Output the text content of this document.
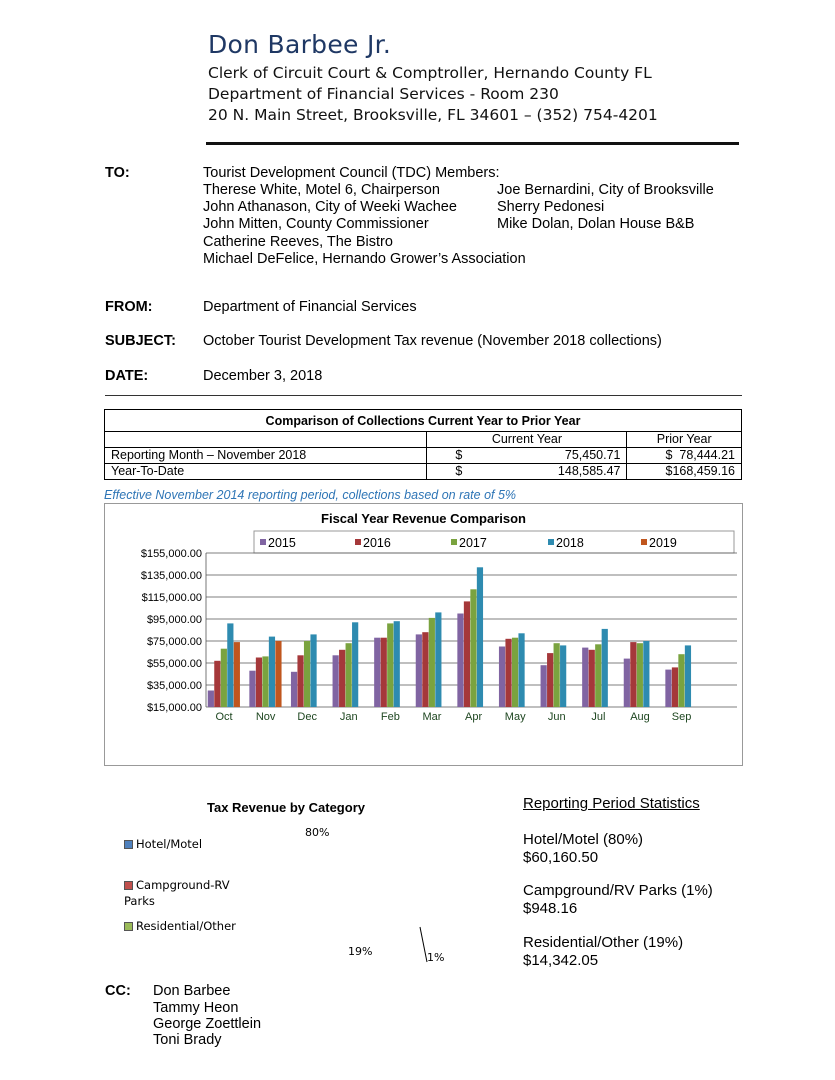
Don Barbee Jr.
Clerk of Circuit Court & Comptroller, Hernando County FL
Department of Financial Services - Room 230
20 N. Main Street, Brooksville, FL 34601 – (352) 754-4201
TO:	Tourist Development Council (TDC) Members:
Therese White, Motel 6, Chairperson
John Athanason, City of Weeki Wachee
John Mitten, County Commissioner
Catherine Reeves, The Bistro
Michael DeFelice, Hernando Grower’s Association
Joe Bernardini, City of Brooksville
Sherry Pedonesi
Mike Dolan, Dolan House B&B
FROM:	Department of Financial Services
SUBJECT: October Tourist Development Tax revenue (November 2018 collections)
DATE:	December 3, 2018
Comparison of Collections Current Year to Prior Year		
	Current Year	Prior Year
Reporting Month – November 2018	$ 75,450.71	$ 78,444.21

Year-To-Date	$ 148,585.47	$ 168,459.16
Effective November 2014 reporting period, collections based on rate of 5%
Fiscal Year Revenue Comparison
2015	2016	2017	2018	2019
$15,000.00
$35,000.00
$55,000.00
$75,000.00
$95,000.00
$115,000.00
$135,000.00
$155,000.00
Oct Nov Dec Jan Feb Mar Apr May Jun Jul Aug Sep
Tax Revenue by Category
Hotel/Motel
Campground-RV Parks
Residential/Other
80%
19%	1%
Reporting Period Statistics
Hotel/Motel (80%)
$60,160.50
Campground/RV Parks (1%)
$948.16
Residential/Other (19%)
$14,342.05
CC: Don Barbee
Tammy Heon
George Zoettlein
Toni Brady
